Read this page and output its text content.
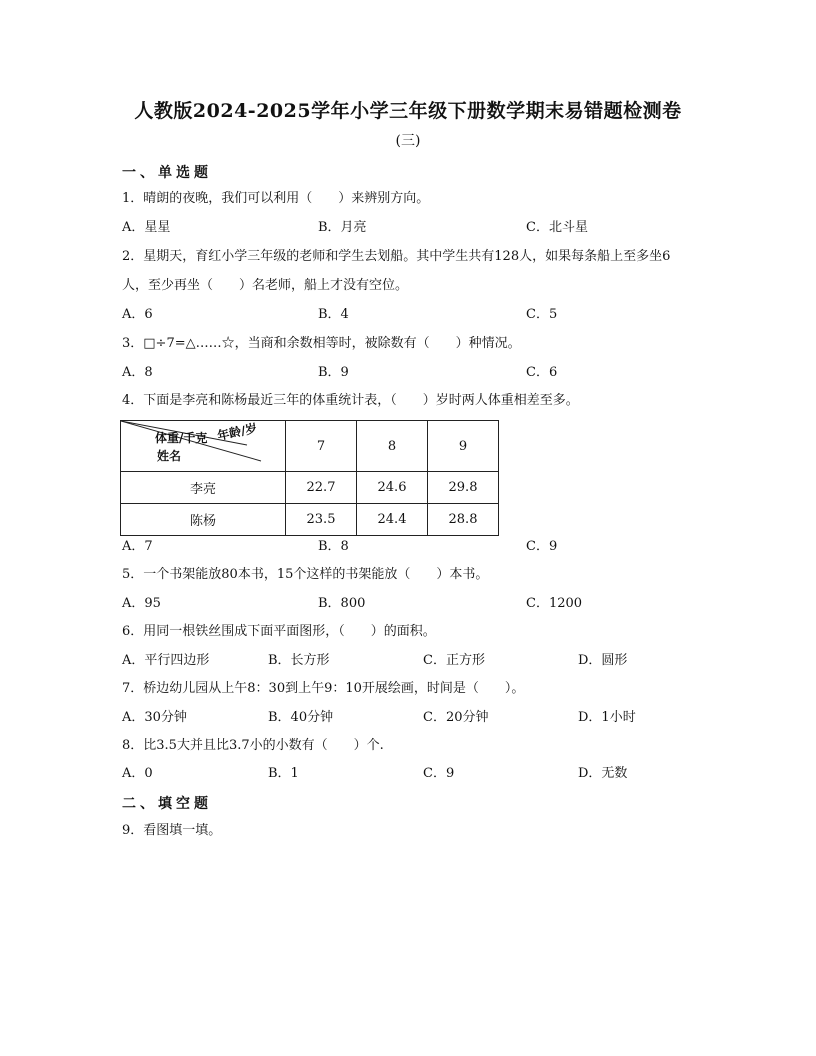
人教版2024-2025学年小学三年级下册数学期末易错题检测卷
(三)
一、单选题
1．晴朗的夜晚，我们可以利用（　　）来辨别方向。
A．星星	B．月亮	C．北斗星
2．星期天，育红小学三年级的老师和学生去划船。其中学生共有128人，如果每条船上至多坐6
人，至少再坐（　　）名老师，船上才没有空位。
A．6	B．4	C．5
3．□÷7=△……☆，当商和余数相等时，被除数有（　　）种情况。
A．8	B．9	C．6
4．下面是李亮和陈杨最近三年的体重统计表，（　　）岁时两人体重相差至多。
体重/千克 年龄/岁
姓名	7	8	9
李亮	22.7	24.6	29.8
陈杨	23.5	24.4	28.8
A．7	B．8	C．9
5．一个书架能放80本书，15个这样的书架能放（　　）本书。
A．95	B．800	C．1200
6．用同一根铁丝围成下面平面图形，（　　）的面积。
A．平行四边形	B．长方形	C．正方形	D．圆形
7．桥边幼儿园从上午8：30到上午9：10开展绘画，时间是（　　）。
A．30分钟	B．40分钟	C．20分钟	D．1小时
8．比3.5大并且比3.7小的小数有（　　）个.
A．0	B．1	C．9	D．无数
二、填空题
9．看图填一填。
